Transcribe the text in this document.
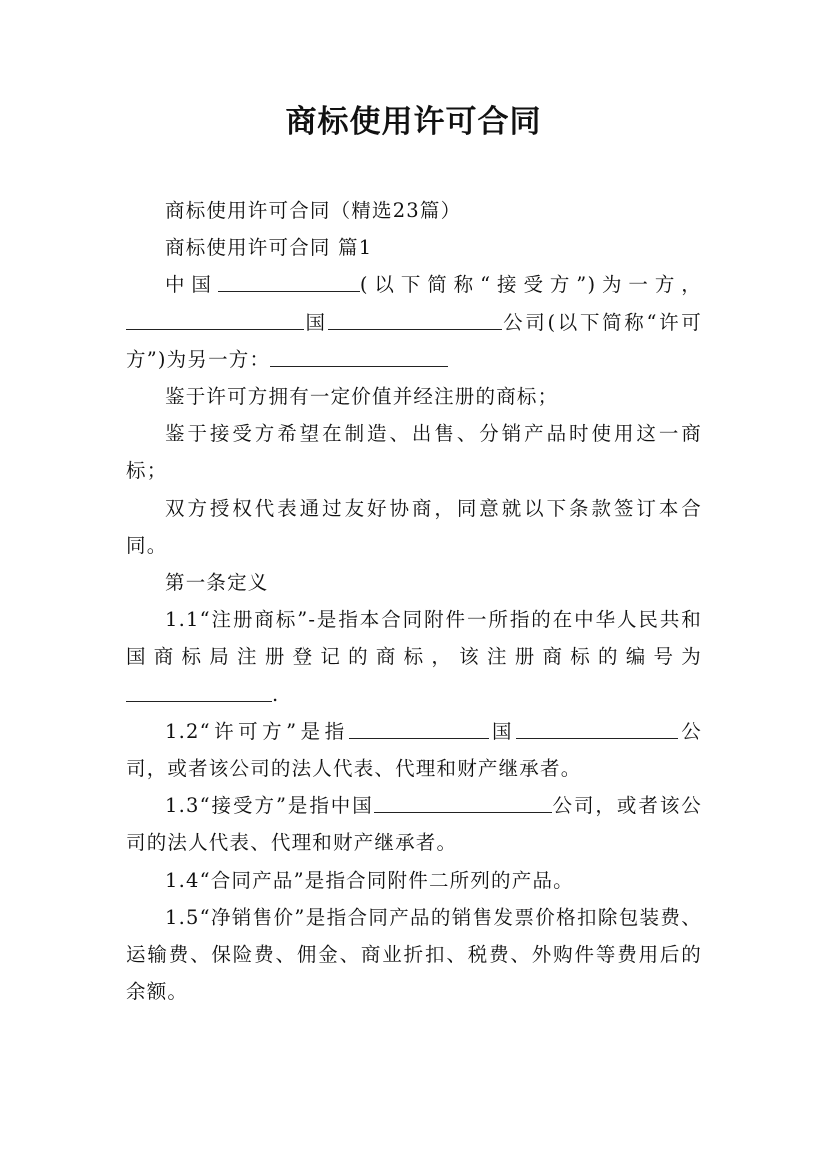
商标使用许可合同

商标使用许可合同（精选23篇）

商标使用许可合同 篇1

中国	(以下简称“接受方”)为一方，国	公司(以下简称“许可方”)为另一方：

鉴于许可方拥有一定价值并经注册的商标；

鉴于接受方希望在制造、出售、分销产品时使用这一商标；

双方授权代表通过友好协商，同意就以下条款签订本合同。

第一条定义

1.1“注册商标”-是指本合同附件一所指的在中华人民共和国商标局注册登记的商标，该注册商标的编号为.

1.2“许可方”是指	国	公司，或者该公司的法人代表、代理和财产继承者。

1.3“接受方”是指中国	公司，或者该公司的法人代表、代理和财产继承者。

1.4“合同产品”是指合同附件二所列的产品。

1.5“净销售价”是指合同产品的销售发票价格扣除包装费、运输费、保险费、佣金、商业折扣、税费、外购件等费用后的余额。
